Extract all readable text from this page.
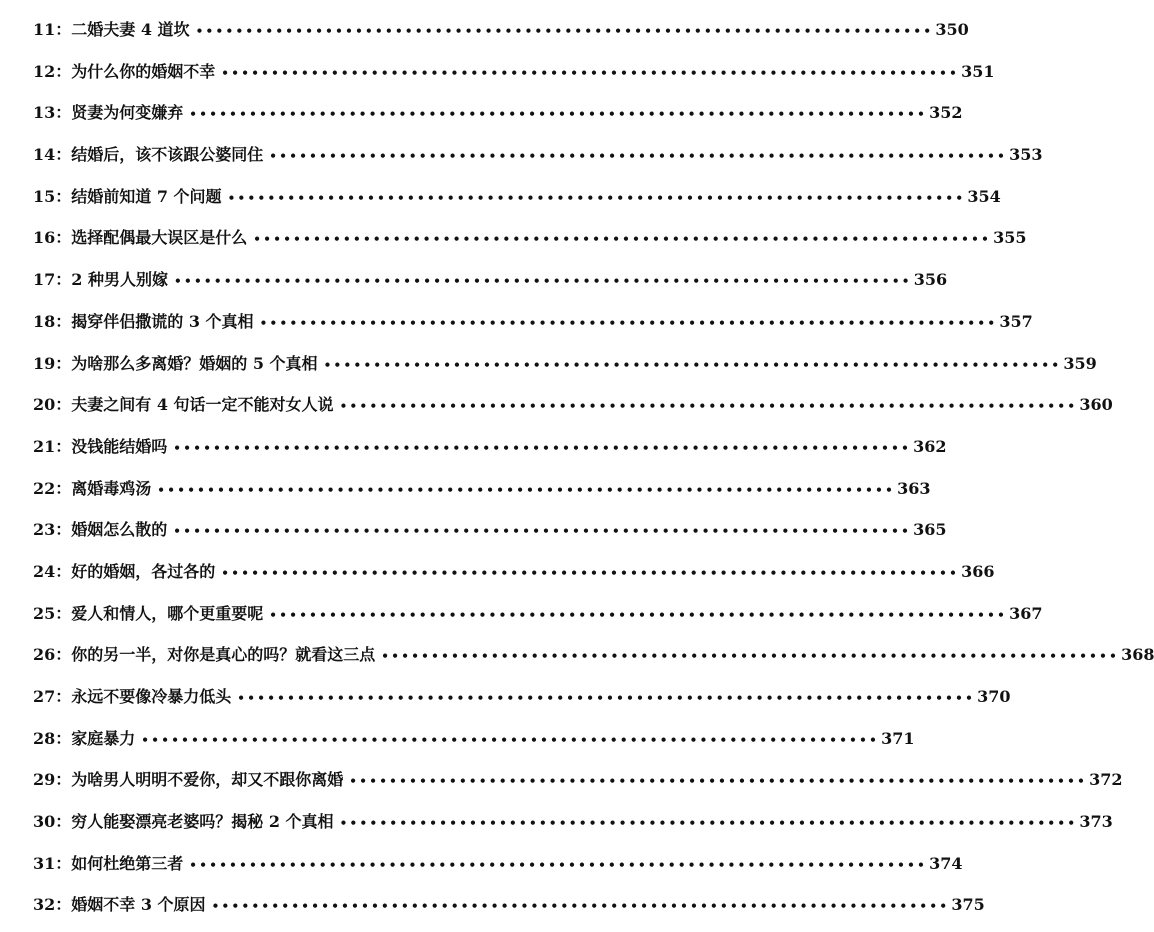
11： 二婚夫妻 4 道坎 •••••••••••••••••••••••••••••••••••••••••••••••••••••••••••••••••••••••••• 350
12： 为什么你的婚姻不幸 •••••••••••••••••••••••••••••••••••••••••••••••••••••••••••••••••••••••••• 351
13： 贤妻为何变嫌弃 •••••••••••••••••••••••••••••••••••••••••••••••••••••••••••••••••••••••••• 352
14： 结婚后，该不该跟公婆同住 •••••••••••••••••••••••••••••••••••••••••••••••••••••••••••••••••••••••••• 353
15： 结婚前知道 7 个问题 •••••••••••••••••••••••••••••••••••••••••••••••••••••••••••••••••••••••••• 354
16： 选择配偶最大误区是什么 •••••••••••••••••••••••••••••••••••••••••••••••••••••••••••••••••••••••••• 355
17： 2 种男人别嫁 •••••••••••••••••••••••••••••••••••••••••••••••••••••••••••••••••••••••••• 356
18： 揭穿伴侣撒谎的 3 个真相 •••••••••••••••••••••••••••••••••••••••••••••••••••••••••••••••••••••••••• 357
19： 为啥那么多离婚？婚姻的 5 个真相 •••••••••••••••••••••••••••••••••••••••••••••••••••••••••••••••••••••••••• 359
20： 夫妻之间有 4 句话一定不能对女人说 •••••••••••••••••••••••••••••••••••••••••••••••••••••••••••••••••••••••••• 360
21： 没钱能结婚吗 •••••••••••••••••••••••••••••••••••••••••••••••••••••••••••••••••••••••••• 362
22： 离婚毒鸡汤 •••••••••••••••••••••••••••••••••••••••••••••••••••••••••••••••••••••••••• 363
23： 婚姻怎么散的 •••••••••••••••••••••••••••••••••••••••••••••••••••••••••••••••••••••••••• 365
24： 好的婚姻，各过各的 •••••••••••••••••••••••••••••••••••••••••••••••••••••••••••••••••••••••••• 366
25： 爱人和情人，哪个更重要呢 •••••••••••••••••••••••••••••••••••••••••••••••••••••••••••••••••••••••••• 367
26： 你的另一半，对你是真心的吗？就看这三点 •••••••••••••••••••••••••••••••••••••••••••••••••••••••••••••••••••••••••• 368
27： 永远不要像冷暴力低头 •••••••••••••••••••••••••••••••••••••••••••••••••••••••••••••••••••••••••• 370
28： 家庭暴力 •••••••••••••••••••••••••••••••••••••••••••••••••••••••••••••••••••••••••• 371
29： 为啥男人明明不爱你，却又不跟你离婚 •••••••••••••••••••••••••••••••••••••••••••••••••••••••••••••••••••••••••• 372
30： 穷人能娶漂亮老婆吗？揭秘 2 个真相 •••••••••••••••••••••••••••••••••••••••••••••••••••••••••••••••••••••••••• 373
31： 如何杜绝第三者 •••••••••••••••••••••••••••••••••••••••••••••••••••••••••••••••••••••••••• 374
32： 婚姻不幸 3 个原因 •••••••••••••••••••••••••••••••••••••••••••••••••••••••••••••••••••••••••• 375
